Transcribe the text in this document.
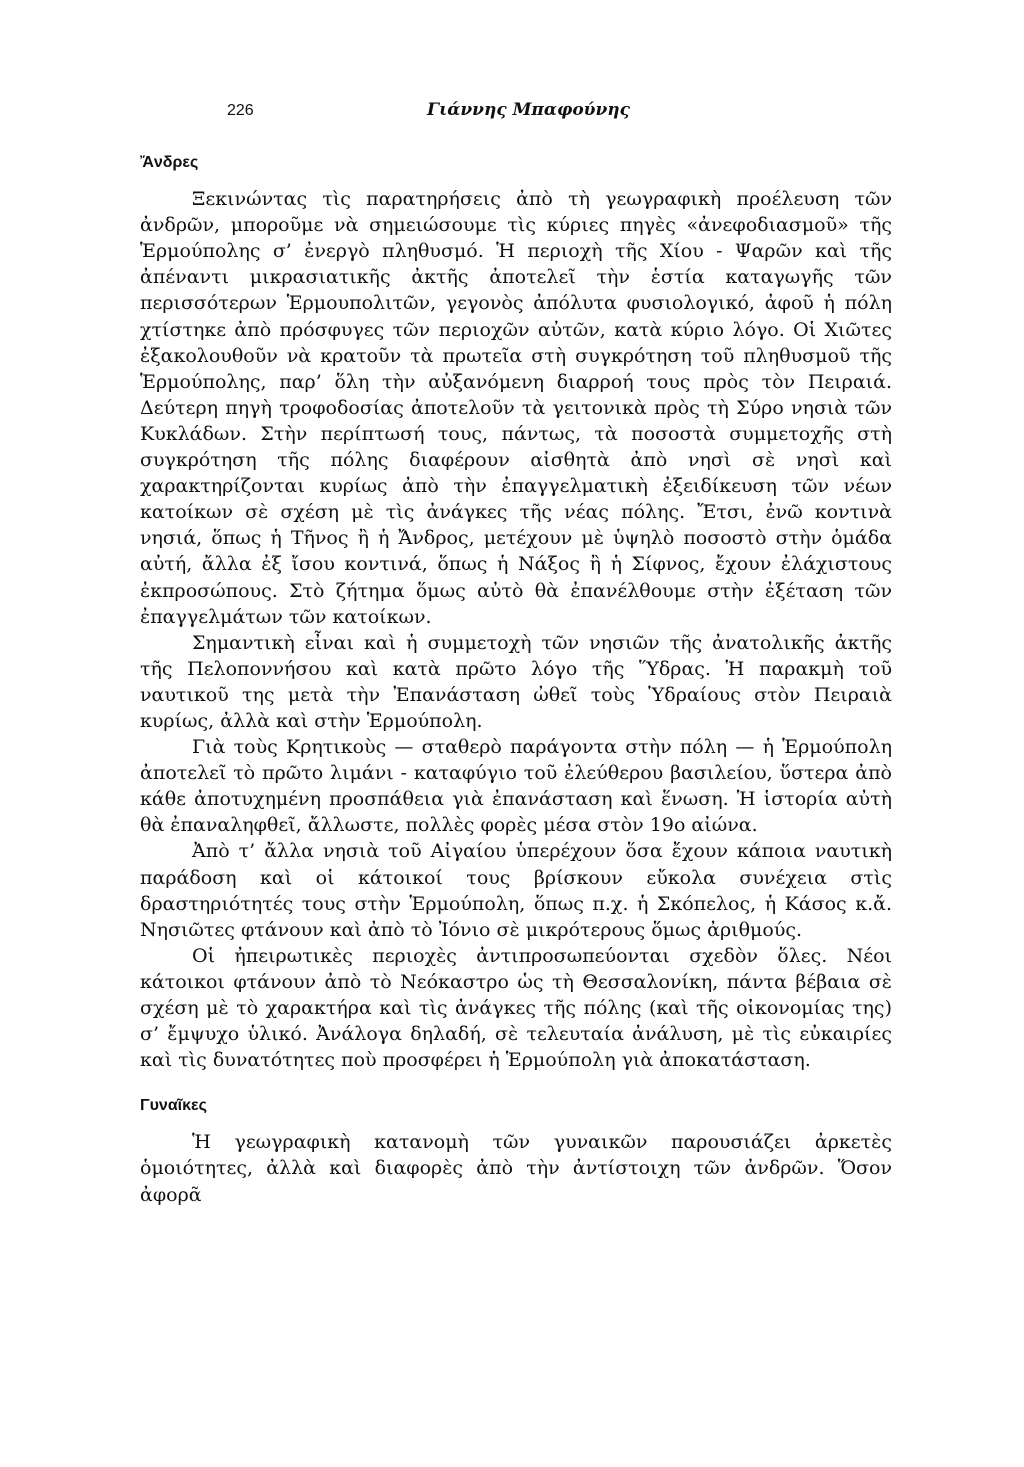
226	Γιάννης Μπαφούνης
Ἄνδρες

Ξεκινώντας τὶς παρατηρήσεις ἀπὸ τὴ γεωγραφικὴ προέλευση τῶν ἀνδρῶν, μποροῦμε νὰ σημειώσουμε τὶς κύριες πηγὲς «ἀνεφοδιασμοῦ» τῆς Ἑρμούπολης σ’ ἐνεργὸ πληθυσμό. Ἡ περιοχὴ τῆς Χίου - Ψαρῶν καὶ τῆς ἀπέναντι μικρασιατικῆς ἀκτῆς ἀποτελεῖ τὴν ἑστία καταγωγῆς τῶν περισσότερων Ἑρμουπολιτῶν, γεγονὸς ἀπόλυτα φυσιολογικό, ἀφοῦ ἡ πόλη χτίστηκε ἀπὸ πρόσφυγες τῶν περιοχῶν αὐτῶν, κατὰ κύριο λόγο. Οἱ Χιῶτες ἐξακολουθοῦν νὰ κρατοῦν τὰ πρωτεῖα στὴ συγκρότηση τοῦ πληθυσμοῦ τῆς Ἑρμούπολης, παρ’ ὅλη τὴν αὐξανόμενη διαρροή τους πρὸς τὸν Πειραιά. Δεύτερη πηγὴ τροφοδοσίας ἀποτελοῦν τὰ γειτονικὰ πρὸς τὴ Σύρο νησιὰ τῶν Κυκλάδων. Στὴν περίπτωσή τους, πάντως, τὰ ποσοστὰ συμμετοχῆς στὴ συγκρότηση τῆς πόλης διαφέρουν αἰσθητὰ ἀπὸ νησὶ σὲ νησὶ καὶ χαρακτηρίζονται κυρίως ἀπὸ τὴν ἐπαγγελματικὴ ἐξειδίκευση τῶν νέων κατοίκων σὲ σχέση μὲ τὶς ἀνάγκες τῆς νέας πόλης. Ἔτσι, ἐνῶ κοντινὰ νησιά, ὅπως ἡ Τῆνος ἢ ἡ Ἄνδρος, μετέχουν μὲ ὑψηλὸ ποσοστὸ στὴν ὁμάδα αὐτή, ἄλλα ἐξ ἴσου κοντινά, ὅπως ἡ Νάξος ἢ ἡ Σίφνος, ἔχουν ἐλάχιστους ἐκπροσώπους. Στὸ ζήτημα ὅμως αὐτὸ θὰ ἐπανέλθουμε στὴν ἐξέταση τῶν ἐπαγγελμάτων τῶν κατοίκων.

Σημαντικὴ εἶναι καὶ ἡ συμμετοχὴ τῶν νησιῶν τῆς ἀνατολικῆς ἀκτῆς τῆς Πελοποννήσου καὶ κατὰ πρῶτο λόγο τῆς Ὕδρας. Ἡ παρακμὴ τοῦ ναυτικοῦ της μετὰ τὴν Ἐπανάσταση ὠθεῖ τοὺς Ὑδραίους στὸν Πειραιὰ κυρίως, ἀλλὰ καὶ στὴν Ἑρμούπολη.

Γιὰ τοὺς Κρητικοὺς — σταθερὸ παράγοντα στὴν πόλη — ἡ Ἑρμούπολη ἀποτελεῖ τὸ πρῶτο λιμάνι - καταφύγιο τοῦ ἐλεύθερου βασιλείου, ὕστερα ἀπὸ κάθε ἀποτυχημένη προσπάθεια γιὰ ἐπανάσταση καὶ ἕνωση. Ἡ ἱστορία αὐτὴ θὰ ἐπαναληφθεῖ, ἄλλωστε, πολλὲς φορὲς μέσα στὸν 19ο αἰώνα.

Ἀπὸ τ’ ἄλλα νησιὰ τοῦ Αἰγαίου ὑπερέχουν ὅσα ἔχουν κάποια ναυτικὴ παράδοση καὶ οἱ κάτοικοί τους βρίσκουν εὔκολα συνέχεια στὶς δραστηριότητές τους στὴν Ἑρμούπολη, ὅπως π.χ. ἡ Σκόπελος, ἡ Κάσος κ.ἄ. Νησιῶτες φτάνουν καὶ ἀπὸ τὸ Ἰόνιο σὲ μικρότερους ὅμως ἀριθμούς.

Οἱ ἠπειρωτικὲς περιοχὲς ἀντιπροσωπεύονται σχεδὸν ὅλες. Νέοι κάτοικοι φτάνουν ἀπὸ τὸ Νεόκαστρο ὡς τὴ Θεσσαλονίκη, πάντα βέβαια σὲ σχέση μὲ τὸ χαρακτήρα καὶ τὶς ἀνάγκες τῆς πόλης (καὶ τῆς οἰκονομίας της) σ’ ἔμψυχο ὑλικό. Ἀνάλογα δηλαδή, σὲ τελευταία ἀνάλυση, μὲ τὶς εὐκαιρίες καὶ τὶς δυνατότητες ποὺ προσφέρει ἡ Ἑρμούπολη γιὰ ἀποκατάσταση.

Γυναῖκες

Ἡ γεωγραφικὴ κατανομὴ τῶν γυναικῶν παρουσιάζει ἀρκετὲς ὁμοιότητες, ἀλλὰ καὶ διαφορὲς ἀπὸ τὴν ἀντίστοιχη τῶν ἀνδρῶν. Ὅσον ἀφορᾶ
